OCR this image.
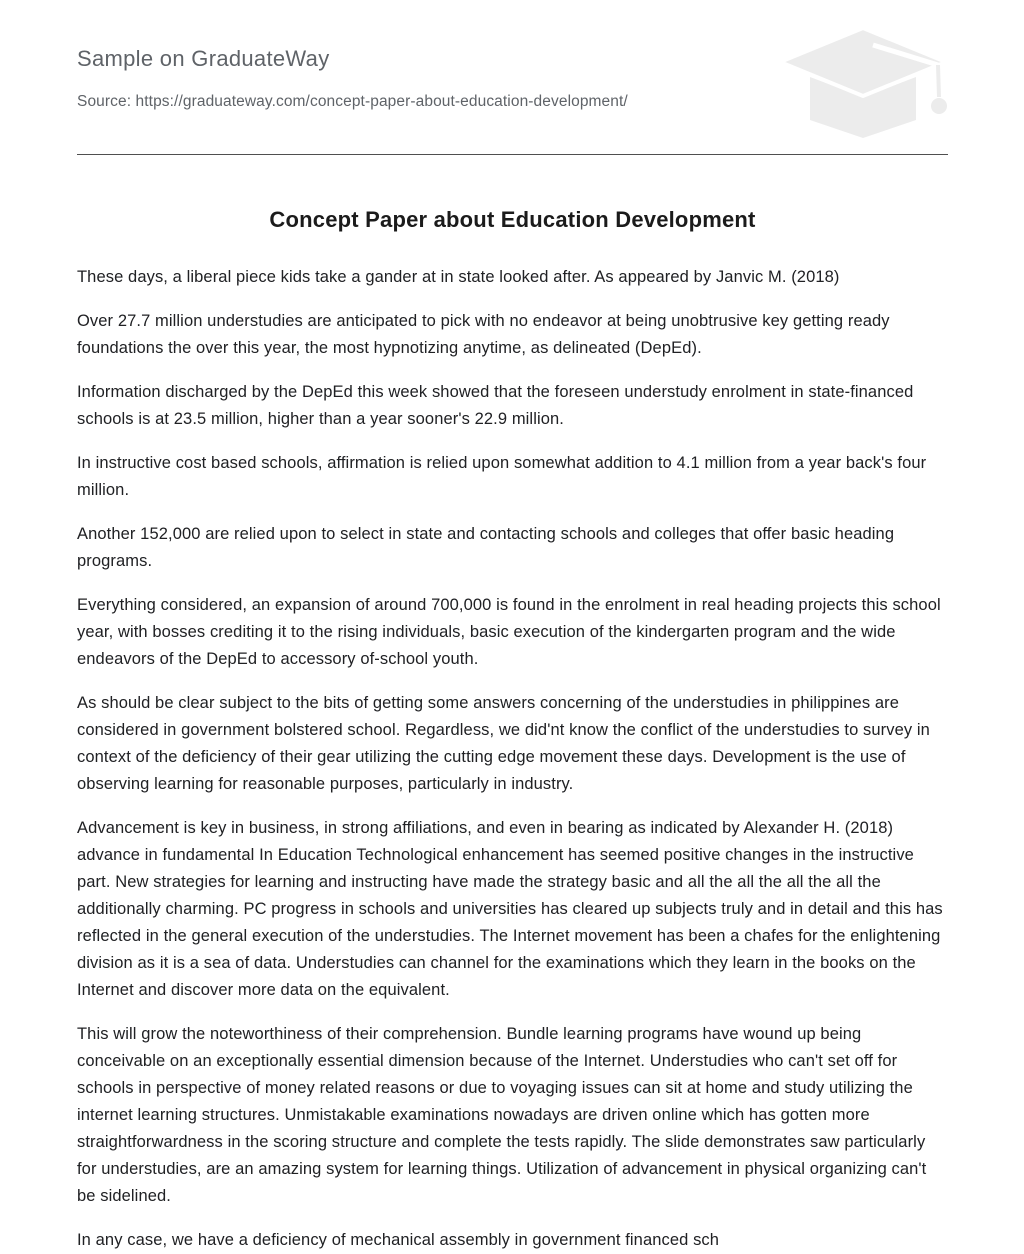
Sample on GraduateWay

Source: https://graduateway.com/concept-paper-about-education-development/

Concept Paper about Education Development

These days, a liberal piece kids take a gander at in state looked after. As appeared by Janvic M. (2018)

Over 27.7 million understudies are anticipated to pick with no endeavor at being unobtrusive key getting ready foundations the over this year, the most hypnotizing anytime, as delineated (DepEd).

Information discharged by the DepEd this week showed that the foreseen understudy enrolment in state-financed schools is at 23.5 million, higher than a year sooner's 22.9 million.

In instructive cost based schools, affirmation is relied upon somewhat addition to 4.1 million from a year back's four million.

Another 152,000 are relied upon to select in state and contacting schools and colleges that offer basic heading programs.

Everything considered, an expansion of around 700,000 is found in the enrolment in real heading projects this school year, with bosses crediting it to the rising individuals, basic execution of the kindergarten program and the wide endeavors of the DepEd to accessory of-school youth.

As should be clear subject to the bits of getting some answers concerning of the understudies in philippines are considered in government bolstered school. Regardless, we did'nt know the conflict of the understudies to survey in context of the deficiency of their gear utilizing the cutting edge movement these days. Development is the use of observing learning for reasonable purposes, particularly in industry.

Advancement is key in business, in strong affiliations, and even in bearing as indicated by Alexander H. (2018) advance in fundamental In Education Technological enhancement has seemed positive changes in the instructive part. New strategies for learning and instructing have made the strategy basic and all the all the all the all the additionally charming. PC progress in schools and universities has cleared up subjects truly and in detail and this has reflected in the general execution of the understudies. The Internet movement has been a chafes for the enlightening division as it is a sea of data. Understudies can channel for the examinations which they learn in the books on the Internet and discover more data on the equivalent.

This will grow the noteworthiness of their comprehension. Bundle learning programs have wound up being conceivable on an exceptionally essential dimension because of the Internet. Understudies who can't set off for schools in perspective of money related reasons or due to voyaging issues can sit at home and study utilizing the internet learning structures. Unmistakable examinations nowadays are driven online which has gotten more straightforwardness in the scoring structure and complete the tests rapidly. The slide demonstrates saw particularly for understudies, are an amazing system for learning things. Utilization of advancement in physical organizing can't be sidelined.

In any case, we have a deficiency of mechanical assembly in government financed sch
